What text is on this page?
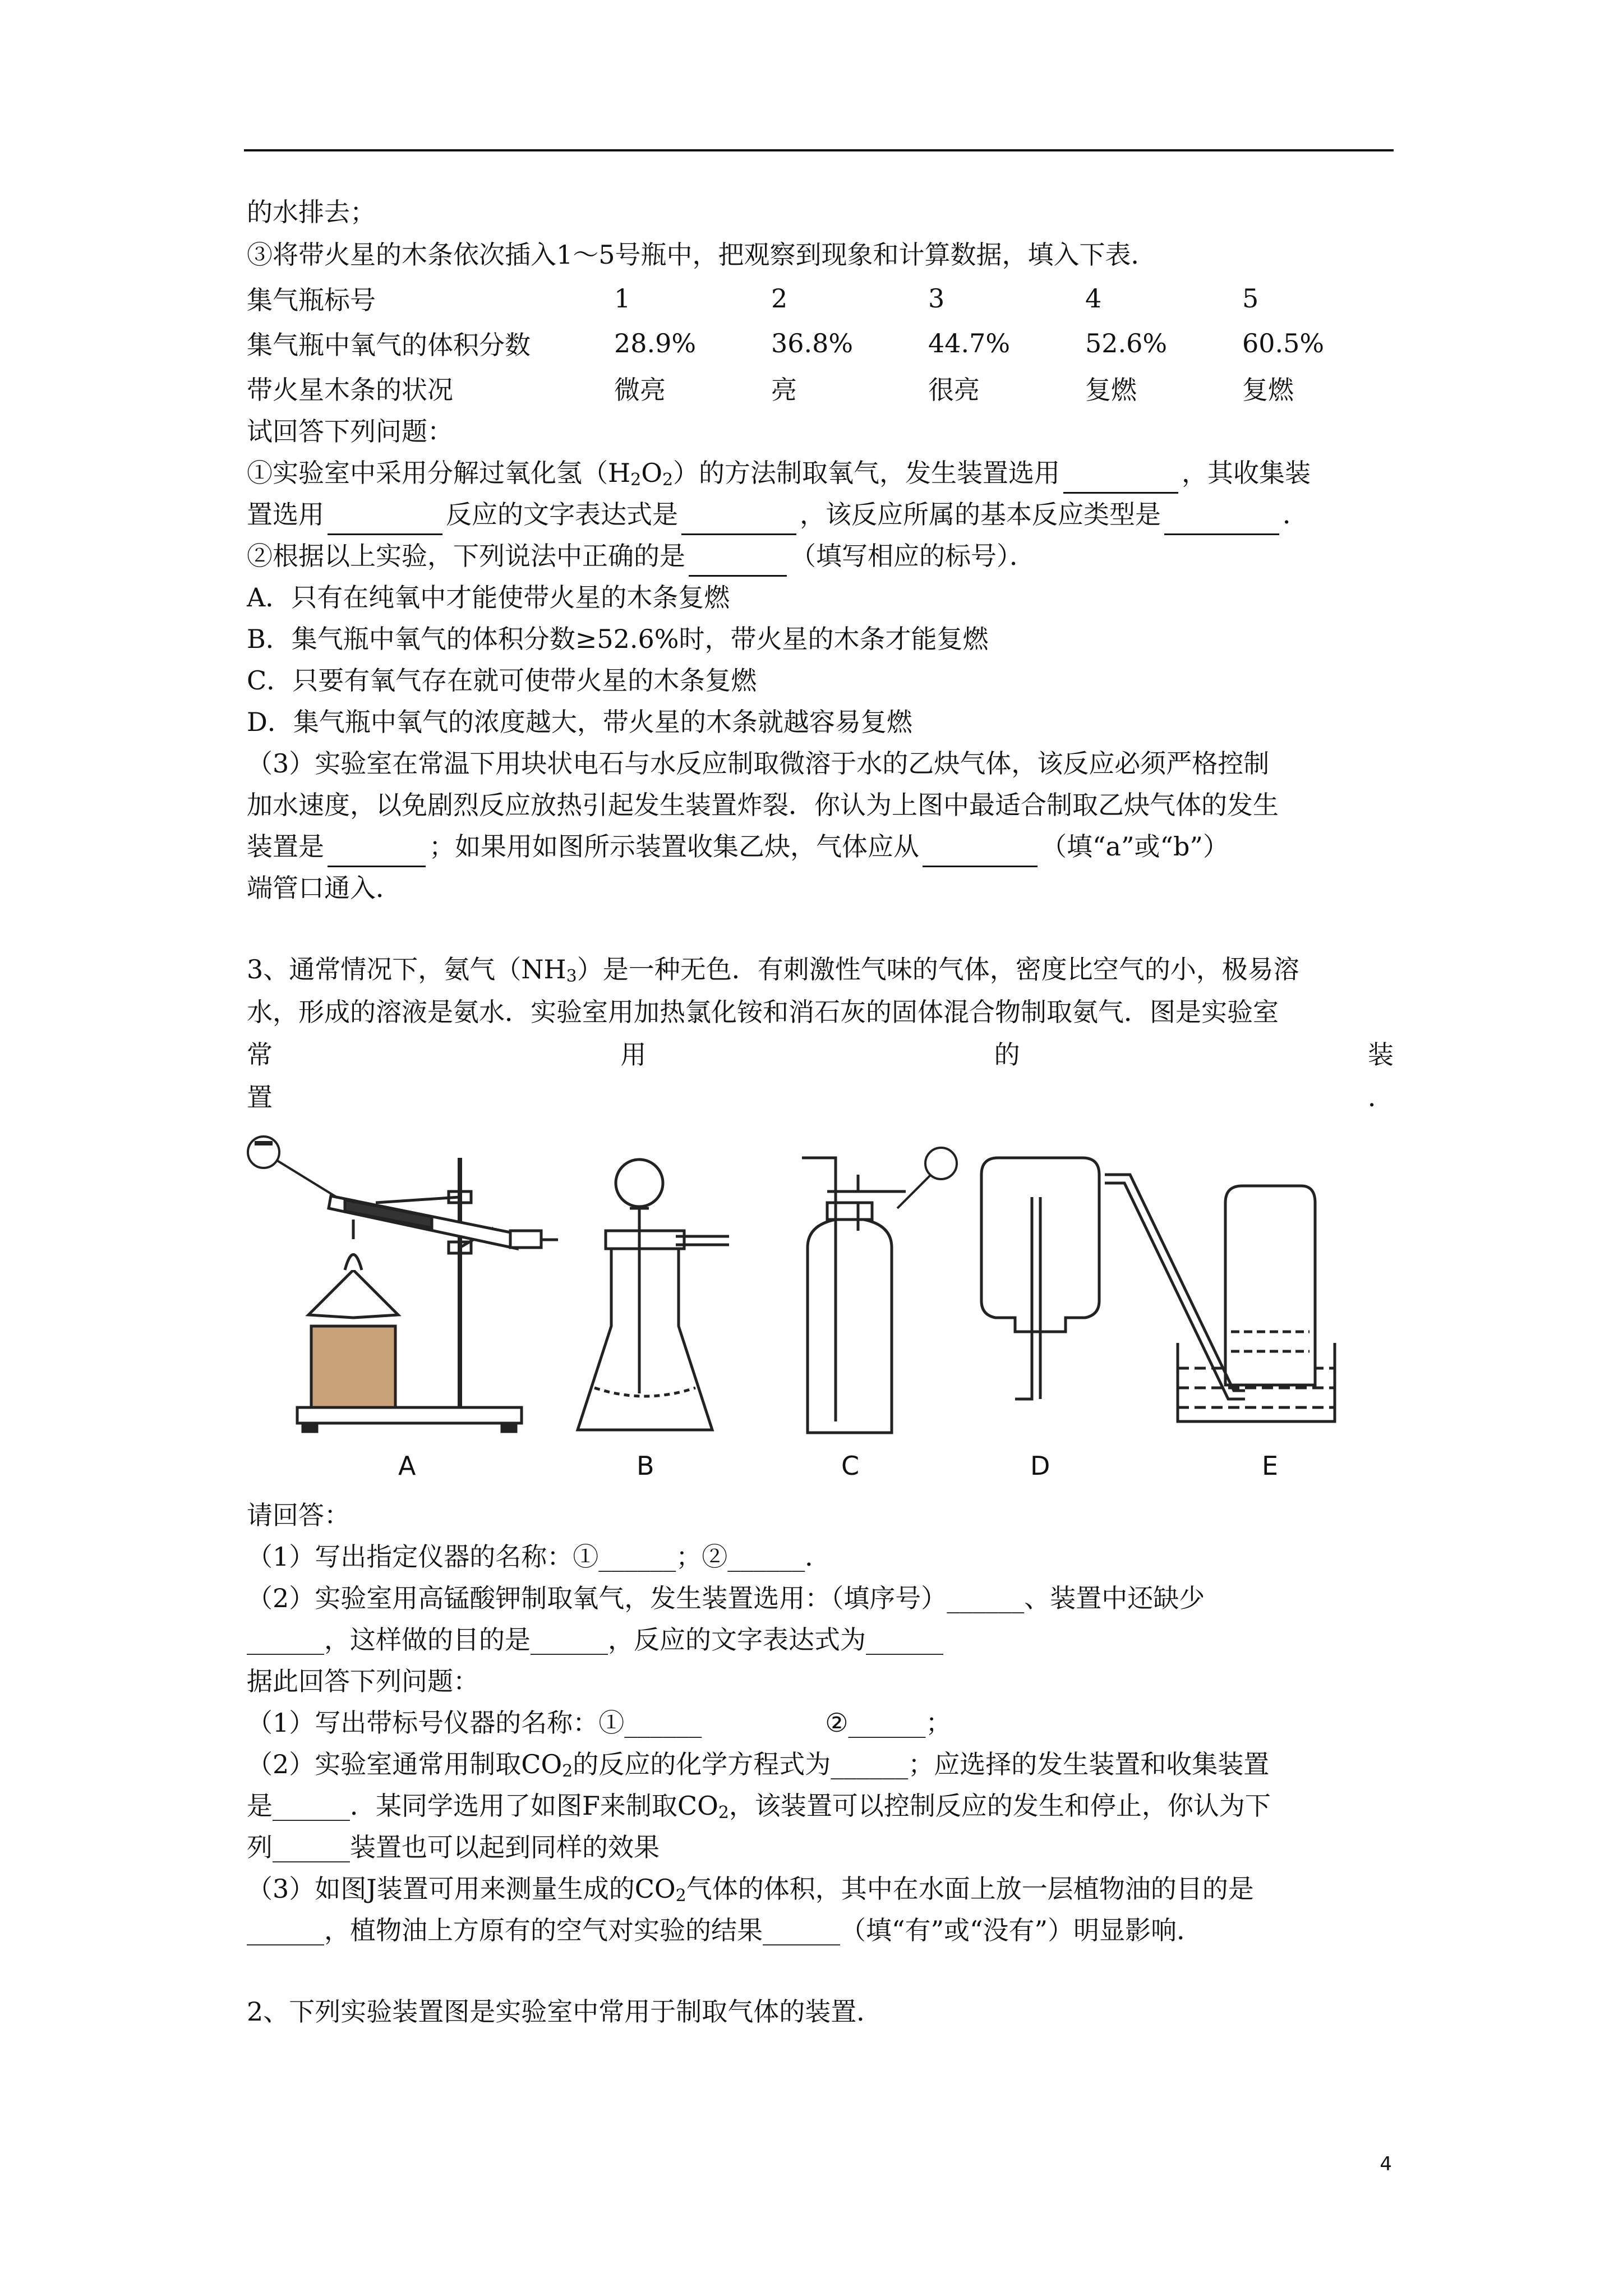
的水排去；
③将带火星的木条依次插入1～5号瓶中，把观察到现象和计算数据，填入下表．
集气瓶标号	1	2	3	4	5
集气瓶中氧气的体积分数	28.9%	36.8%	44.7%	52.6%	60.5%
带火星木条的状况	微亮	亮	很亮	复燃	复燃
试回答下列问题：
①实验室中采用分解过氧化氢$(H_2O_2)$的方法制取氧气，发生装置选用	，其收集装
置选用	反应的文字表达式是	，该反应所属的基本反应类型是	．
②根据以上实验，下列说法中正确的是	（填写相应的标号）．
A．只有在纯氧中才能使带火星的木条复燃
B．集气瓶中氧气的体积分数≥52.6%时，带火星的木条才能复燃
C．只要有氧气存在就可使带火星的木条复燃
D．集气瓶中氧气的浓度越大，带火星的木条就越容易复燃
（3）实验室在常温下用块状电石与水反应制取微溶于水的乙炔气体，该反应必须严格控制
加水速度，以免剧烈反应放热引起发生装置炸裂．你认为上图中最适合制取乙炔气体的发生
装置是	；如果用如图所示装置收集乙炔，气体应从	（填“a”或“b”）
端管口通入．
3、通常情况下，氨气$(NH_3)$是一种无色．有刺激性气味的气体，密度比空气的小，极易溶
水，形成的溶液是氨水．实验室用加热氯化铵和消石灰的固体混合物制取氨气．图是实验室
常	用	的	装
置	．
A	B	C	D	E
请回答：
（1）写出指定仪器的名称：①______；②______．
（2）实验室用高锰酸钾制取氧气，发生装置选用：（填序号）______、装置中还缺少
______，这样做的目的是______，反应的文字表达式为______
据此回答下列问题：
（1）写出带标号仪器的名称：①______	②______；
（2）实验室通常用制取$CO_2$的反应的化学方程式为______；应选择的发生装置和收集装置
是______．某同学选用了如图F来制取$CO_2$，该装置可以控制反应的发生和停止，你认为下
列______装置也可以起到同样的效果
（3）如图J装置可用来测量生成的$CO_2$气体的体积，其中在水面上放一层植物油的目的是
______，植物油上方原有的空气对实验的结果______（填“有”或“没有”）明显影响．
2、下列实验装置图是实验室中常用于制取气体的装置．
4
